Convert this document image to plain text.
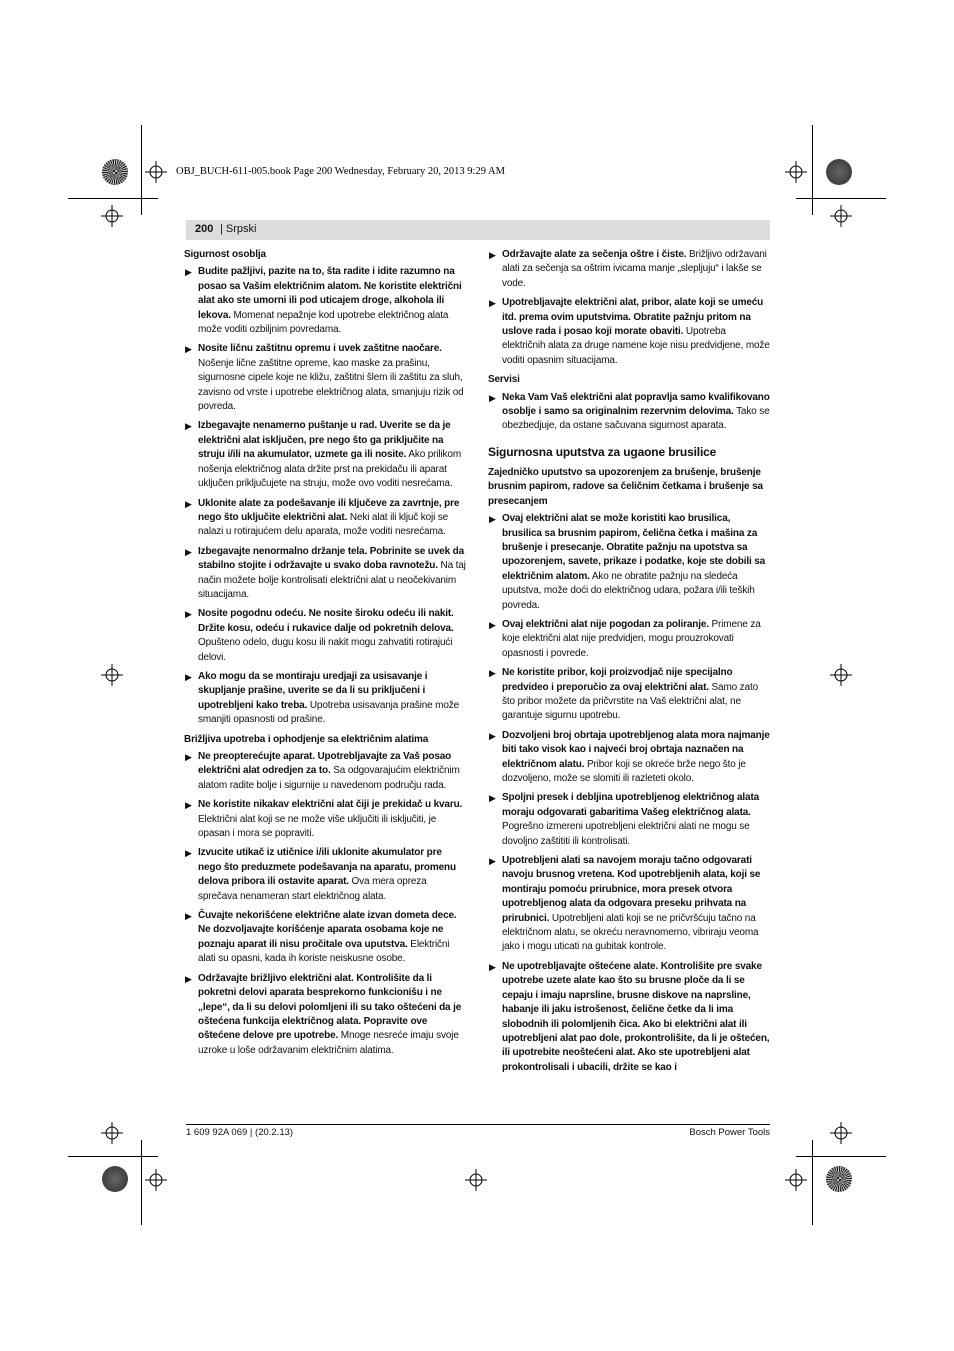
OBJ_BUCH-611-005.book Page 200 Wednesday, February 20, 2013 9:29 AM
200 | Srpski
Sigurnost osoblja
▶ Budite pažljivi, pazite na to, šta radite i idite razumno na posao sa Vašim električnim alatom. Ne koristite električni alat ako ste umorni ili pod uticajem droge, alkohola ili lekova. Momenat nepažnje kod upotrebe električnog alata može voditi ozbiljnim povredama.
▶ Nosite ličnu zaštitnu opremu i uvek zaštitne naočare. Nošenje lične zaštitne opreme, kao maske za prašinu, sigurnosne cipele koje ne kližu, zaštitni šlem ili zaštitu za sluh, zavisno od vrste i upotrebe električnog alata, smanjuju rizik od povreda.
▶ Izbegavajte nenamerno puštanje u rad. Uverite se da je električni alat isključen, pre nego što ga priključite na struju i/ili na akumulator, uzmete ga ili nosite. Ako prilikom nošenja električnog alata držite prst na prekidaču ili aparat uključen priključujete na struju, može ovo voditi nesrećama.
▶ Uklonite alate za podešavanje ili ključeve za zavrtnje, pre nego što uključite električni alat. Neki alat ili ključ koji se nalazi u rotirajućem delu aparata, može voditi nesrećama.
▶ Izbegavajte nenormalno držanje tela. Pobrinite se uvek da stabilno stojite i održavajte u svako doba ravnotežu. Na taj način možete bolje kontrolisati električni alat u neočekivanim situacijama.
▶ Nosite pogodnu odeću. Ne nosite široku odeću ili nakit. Držite kosu, odeću i rukavice dalje od pokretnih delova. Opušteno odelo, dugu kosu ili nakit mogu zahvatiti rotirajući delovi.
▶ Ako mogu da se montiraju uredjaji za usisavanje i skupljanje prašine, uverite se da li su priključeni i upotrebljeni kako treba. Upotreba usisavanja prašine može smanjiti opasnosti od prašine.
Brižljiva upotreba i ophodjenje sa električnim alatima
▶ Ne preopterećujte aparat. Upotrebljavajte za Vaš posao električni alat odredjen za to. Sa odgovarajućim električnim alatom radite bolje i sigurnije u navedenom području rada.
▶ Ne koristite nikakav električni alat čiji je prekidač u kvaru. Električni alat koji se ne može više uključiti ili isključiti, je opasan i mora se popraviti.
▶ Izvucite utikač iz utičnice i/ili uklonite akumulator pre nego što preduzmete podešavanja na aparatu, promenu delova pribora ili ostavite aparat. Ova mera opreza sprečava nenameran start električnog alata.
▶ Čuvajte nekorišćene električne alate izvan dometa dece. Ne dozvoljavajte korišćenje aparata osobama koje ne poznaju aparat ili nisu pročitale ova uputstva. Električni alati su opasni, kada ih koriste neiskusne osobe.
▶ Održavajte brižljivo električni alat. Kontrolišite da li pokretni delovi aparata besprekorno funkcionišu i ne „lepe“, da li su delovi polomljeni ili su tako oštećeni da je oštećena funkcija električnog alata. Popravite ove oštećene delove pre upotrebe. Mnoge nesreće imaju svoje uzroke u loše održavanim električnim alatima.
▶ Održavajte alate za sečenja oštre i čiste. Brižljivo održavani alati za sečenja sa oštrim ivicama manje „slepljuju“ i lakše se vode.
▶ Upotrebljavajte električni alat, pribor, alate koji se umeću itd. prema ovim uputstvima. Obratite pažnju pritom na uslove rada i posao koji morate obaviti. Upotreba električnih alata za druge namene koje nisu predvidjene, može voditi opasnim situacijama.
Servisi
▶ Neka Vam Vaš električni alat popravlja samo kvalifikovano osoblje i samo sa originalnim rezervnim delovima. Tako se obezbedjuje, da ostane sačuvana sigurnost aparata.
Sigurnosna uputstva za ugaone brusilice
Zajedničko uputstvo sa upozorenjem za brušenje, brušenje brusnim papirom, radove sa čeličnim četkama i brušenje sa presecanjem
▶ Ovaj električni alat se može koristiti kao brusilica, brusilica sa brusnim papirom, čelična četka i mašina za brušenje i presecanje. Obratite pažnju na upotstva sa upozorenjem, savete, prikaze i podatke, koje ste dobili sa električnim alatom. Ako ne obratite pažnju na sledeća uputstva, može doći do električnog udara, požara i/ili teških povreda.
▶ Ovaj električni alat nije pogodan za poliranje. Primene za koje električni alat nije predvidjen, mogu prouzrokovati opasnosti i povrede.
▶ Ne koristite pribor, koji proizvodjač nije specijalno predvideo i preporučio za ovaj električni alat. Samo zato što pribor možete da pričvrstite na Vaš električni alat, ne garantuje sigurnu upotrebu.
▶ Dozvoljeni broj obrtaja upotrebljenog alata mora najmanje biti tako visok kao i najveći broj obrtaja naznačen na električnom alatu. Pribor koji se okreće brže nego što je dozvoljeno, može se slomiti ili razleteti okolo.
▶ Spoljni presek i debljina upotrebljenog električnog alata moraju odgovarati gabaritima Vašeg električnog alata. Pogrešno izmereni upotrebljeni električni alati ne mogu se dovoljno zaštititi ili kontrolisati.
▶ Upotrebljeni alati sa navojem moraju tačno odgovarati navoju brusnog vretena. Kod upotrebljenih alata, koji se montiraju pomoću prirubnice, mora presek otvora upotrebljenog alata da odgovara preseku prihvata na prirubnici. Upotrebljeni alati koji se ne pričvršćuju tačno na električnom alatu, se okreću neravnomerno, vibriraju veoma jako i mogu uticati na gubitak kontrole.
▶ Ne upotrebljavajte oštećene alate. Kontrolišite pre svake upotrebe uzete alate kao što su brusne ploče da li se cepaju i imaju naprsline, brusne diskove na naprsline, habanje ili jaku istrošenost, čelične četke da li ima slobodnih ili polomljenih čica. Ako bi električni alat ili upotrebljeni alat pao dole, prokontrolišite, da li je oštećen, ili upotrebite neoštećeni alat. Ako ste upotrebljeni alat prokontrolisali i ubacili, držite se kao i
1 609 92A 069 | (20.2.13)	Bosch Power Tools
